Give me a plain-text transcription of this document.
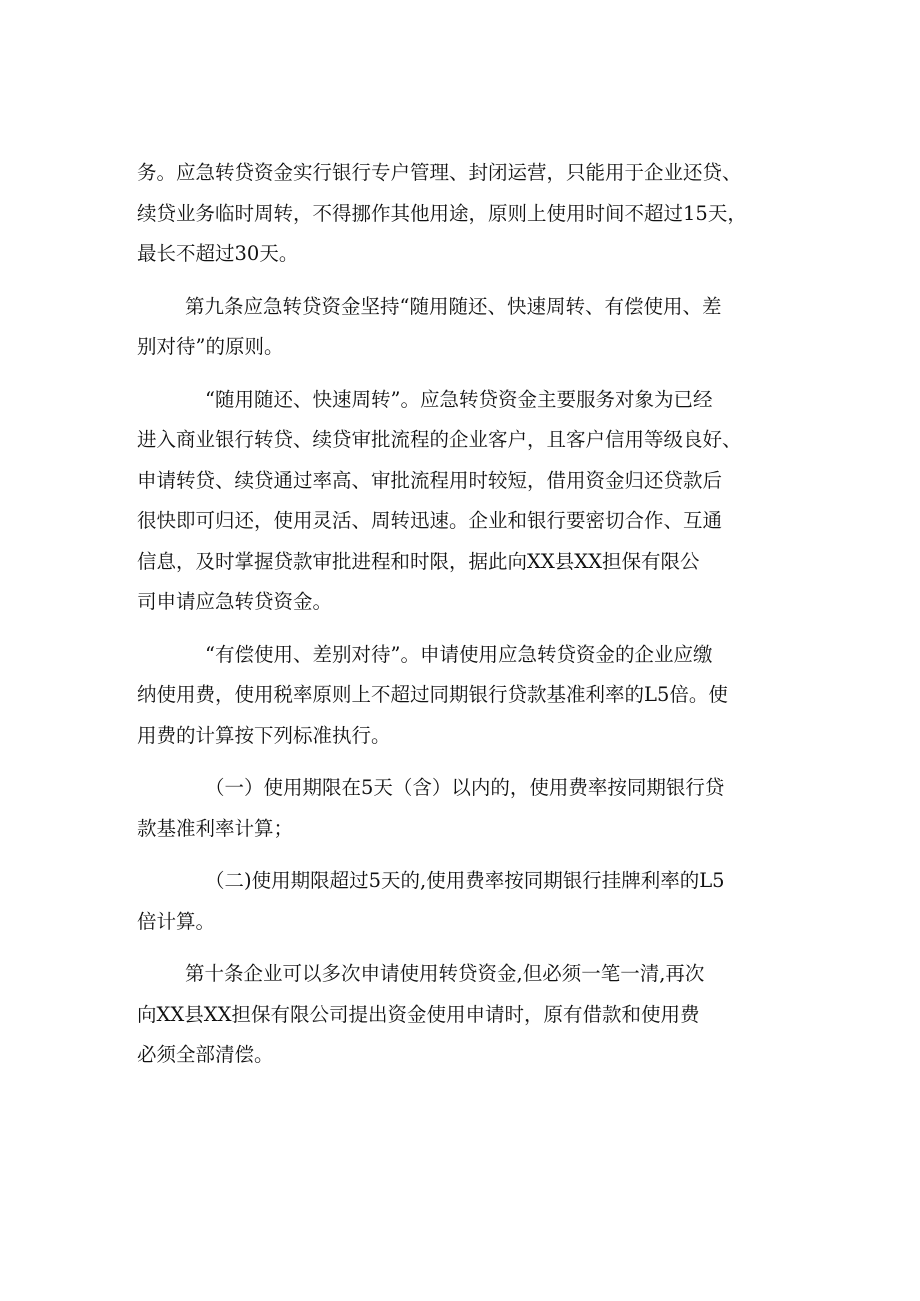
务。应急转贷资金实行银行专户管理、封闭运营，只能用于企业还贷、
续贷业务临时周转，不得挪作其他用途，原则上使用时间不超过15天，
最长不超过30天。
第九条应急转贷资金坚持“随用随还、快速周转、有偿使用、差
别对待”的原则。
“随用随还、快速周转”。应急转贷资金主要服务对象为已经
进入商业银行转贷、续贷审批流程的企业客户，且客户信用等级良好、
申请转贷、续贷通过率高、审批流程用时较短，借用资金归还贷款后
很快即可归还，使用灵活、周转迅速。企业和银行要密切合作、互通
信息，及时掌握贷款审批进程和时限，据此向XX县XX担保有限公
司申请应急转贷资金。
“有偿使用、差别对待”。申请使用应急转贷资金的企业应缴
纳使用费，使用税率原则上不超过同期银行贷款基准利率的L5倍。使
用费的计算按下列标准执行。
（一）使用期限在5天（含）以内的，使用费率按同期银行贷
款基准利率计算；
（二)使用期限超过5天的,使用费率按同期银行挂牌利率的L5
倍计算。
第十条企业可以多次申请使用转贷资金,但必须一笔一清,再次
向XX县XX担保有限公司提出资金使用申请时，原有借款和使用费
必须全部清偿。
